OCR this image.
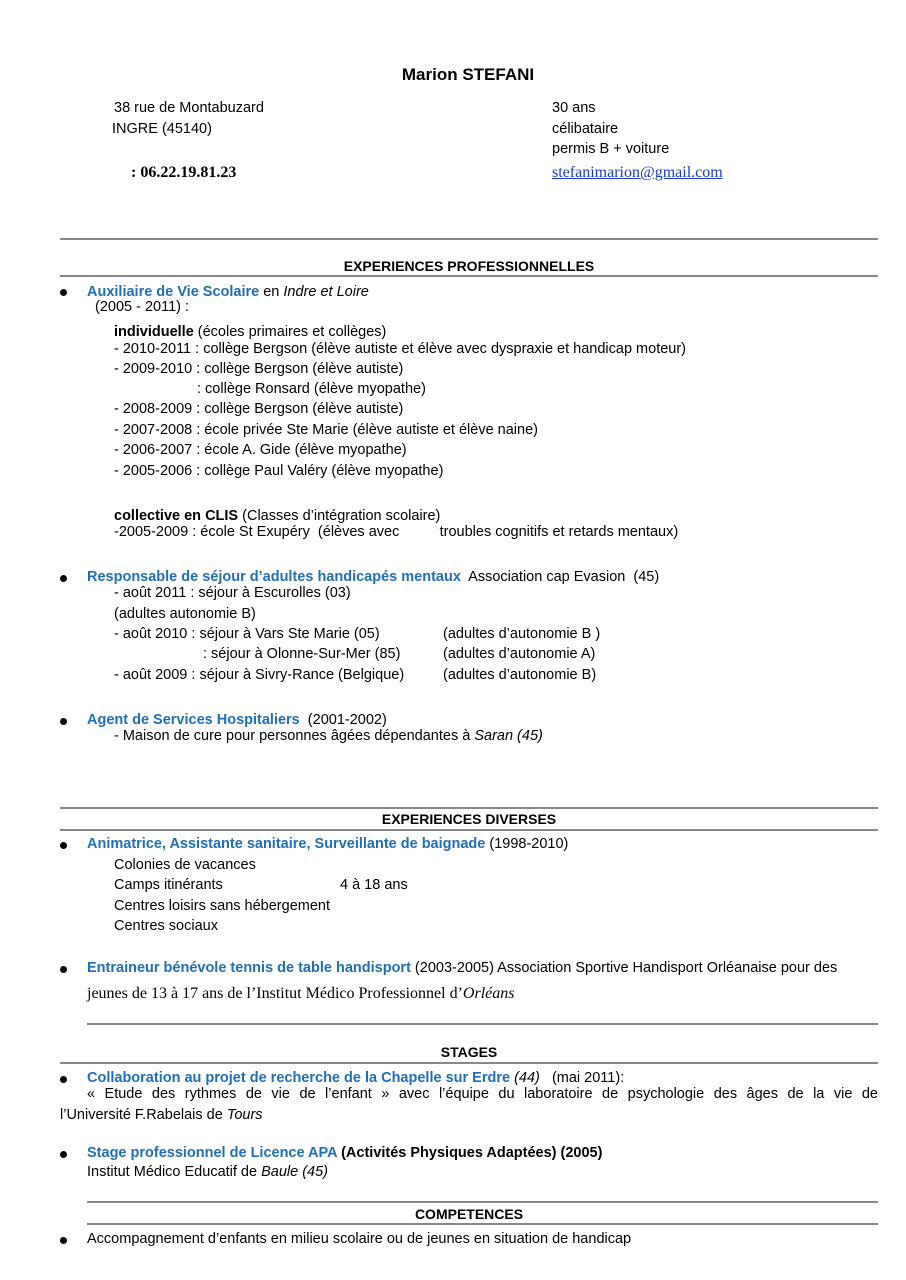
Marion STEFANI
38 rue de Montabuzard
INGRE (45140)
: 06.22.19.81.23
30 ans
célibataire
permis B + voiture
stefanimarion@gmail.com
EXPERIENCES PROFESSIONNELLES
Auxiliaire de Vie Scolaire en Indre et Loire
(2005 - 2011) :
individuelle (écoles primaires et collèges)
- 2010-2011 : collège Bergson (élève autiste et élève avec dyspraxie et handicap moteur)
- 2009-2010 : collège Bergson (élève autiste)
: collège Ronsard (élève myopathe)
- 2008-2009 : collège Bergson (élève autiste)
- 2007-2008 : école privée Ste Marie (élève autiste et élève naine)
- 2006-2007 : école A. Gide (élève myopathe)
- 2005-2006 : collège Paul Valéry (élève myopathe)
collective en CLIS (Classes d’intégration scolaire)
-2005-2009 : école St Exupéry  (élèves avec          troubles cognitifs et retards mentaux)
Responsable de séjour d’adultes handicapés mentaux  Association cap Evasion  (45)
- août 2011 : séjour à Escurolles (03)
(adultes autonomie B)
- août 2010 : séjour à Vars Ste Marie (05)	(adultes d’autonomie B )
: séjour à Olonne-Sur-Mer (85)	(adultes d’autonomie A)
- août 2009 : séjour à Sivry-Rance (Belgique)	(adultes d’autonomie B)
Agent de Services Hospitaliers  (2001-2002)
- Maison de cure pour personnes âgées dépendantes à Saran (45)
EXPERIENCES DIVERSES
Animatrice, Assistante sanitaire, Surveillante de baignade (1998-2010)
Colonies de vacances
Camps itinérants	4 à 18 ans
Centres loisirs sans hébergement
Centres sociaux
Entraineur bénévole tennis de table handisport (2003-2005) Association Sportive Handisport Orléanaise pour des
jeunes de 13 à 17 ans de l’Institut Médico Professionnel d’Orléans
STAGES
Collaboration au projet de recherche de la Chapelle sur Erdre (44)   (mai 2011):
« Etude des rythmes de vie de l’enfant » avec l’équipe du laboratoire de psychologie des âges de la vie de
l’Université F.Rabelais de Tours
Stage professionnel de Licence APA (Activités Physiques Adaptées) (2005)
Institut Médico Educatif de Baule (45)
COMPETENCES
Accompagnement d’enfants en milieu scolaire ou de jeunes en situation de handicap
